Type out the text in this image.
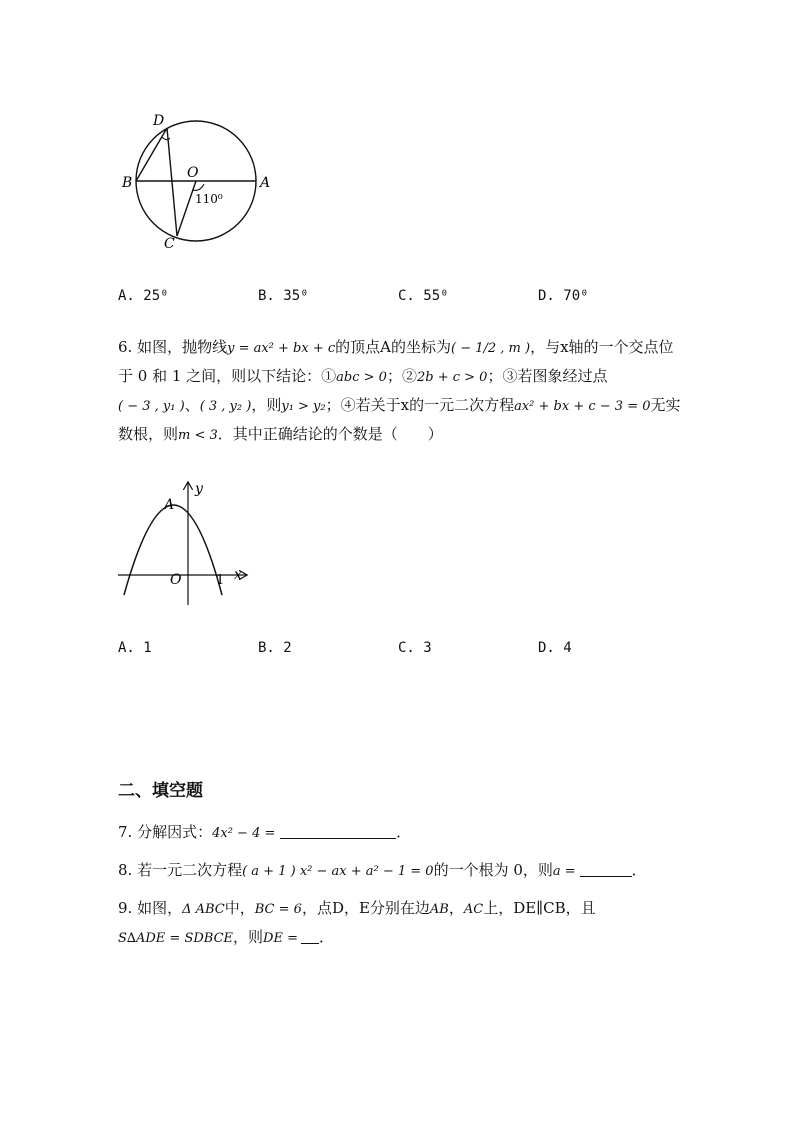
D
B
O
A
C
110⁰
A. 25⁰	B. 35⁰	C. 55⁰	D. 70⁰
6. 如图，抛物线y = ax² + bx + c的顶点A的坐标为( − 1/2 , m )，与x轴的一个交点位
于 0 和 1 之间，则以下结论：①abc > 0；②2b + c > 0；③若图象经过点
( − 3 , y₁ )、( 3 , y₂ )，则y₁ > y₂；④若关于x的一元二次方程ax² + bx + c − 3 = 0无实
数根，则m < 3．其中正确结论的个数是（　　）
y
A
O	1 x
A. 1	B. 2	C. 3	D. 4
二、填空题
7. 分解因式：4x² − 4 =	．
8. 若一元二次方程( a + 1 ) x² − ax + a² − 1 = 0的一个根为 0，则a =	．
9. 如图，Δ ABC中，BC = 6，点D，E分别在边AB，AC上，DE∥CB，且
S∆ADE = SDBCE，则DE = ．
